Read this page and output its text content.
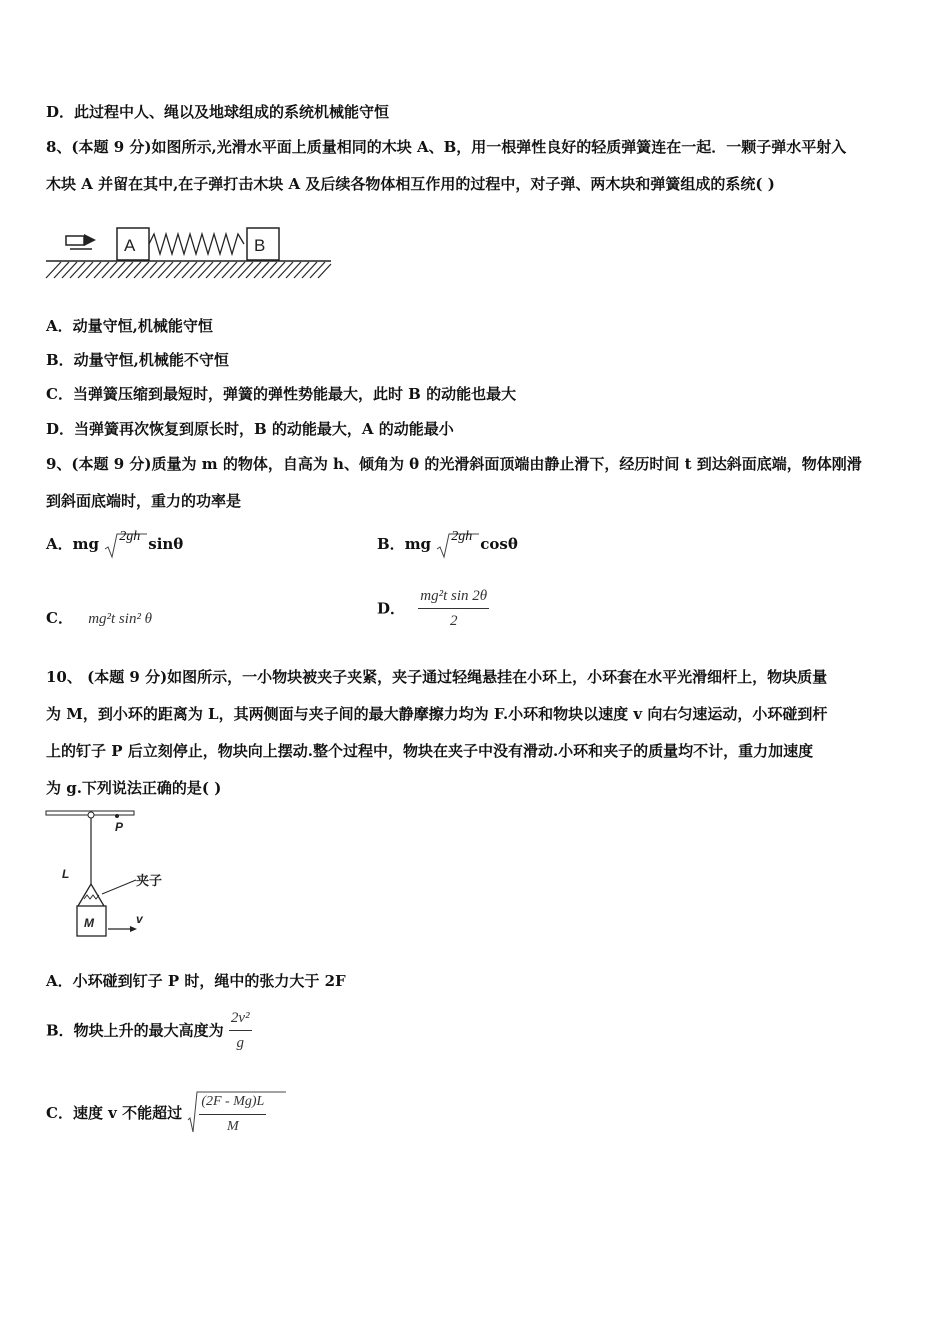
D．此过程中人、绳以及地球组成的系统机械能守恒
8、(本题 9 分)如图所示,光滑水平面上质量相同的木块 A、B，用一根弹性良好的轻质弹簧连在一起．一颗子弹水平射入
木块 A 并留在其中,在子弹打击木块 A 及后续各物体相互作用的过程中，对子弹、两木块和弹簧组成的系统( )
A	B
A．动量守恒,机械能守恒
B．动量守恒,机械能不守恒
C．当弹簧压缩到最短时，弹簧的弹性势能最大，此时 B 的动能也最大
D．当弹簧再次恢复到原长时，B 的动能最大，A 的动能最小
9、(本题 9 分)质量为 m 的物体，自高为 h、倾角为 θ 的光滑斜面顶端由静止滑下，经历时间 t 到达斜面底端，物体刚滑
到斜面底端时，重力的功率是
A．mg 2gh sinθ	B．mg 2gh cosθ
C． mg²t sin² θ
D． $\frac{\text{mg²t sin 2θ}}{2}$
10、 (本题 9 分)如图所示，一小物块被夹子夹紧，夹子通过轻绳悬挂在小环上，小环套在水平光滑细杆上，物块质量
为 M，到小环的距离为 L，其两侧面与夹子间的最大静摩擦力均为 F.小环和物块以速度 v 向右匀速运动，小环碰到杆
上的钉子 P 后立刻停止，物块向上摆动.整个过程中，物块在夹子中没有滑动.小环和夹子的质量均不计，重力加速度
为 g.下列说法正确的是( )
P
L	夹子
M	v
A．小环碰到钉子 P 时，绳中的张力大于 2F
B．物块上升的最大高度为 $\frac{\text{2v²}}{g}$
C．速度 v 不能超过 $\frac{(2F - Mg)L}{M}$
